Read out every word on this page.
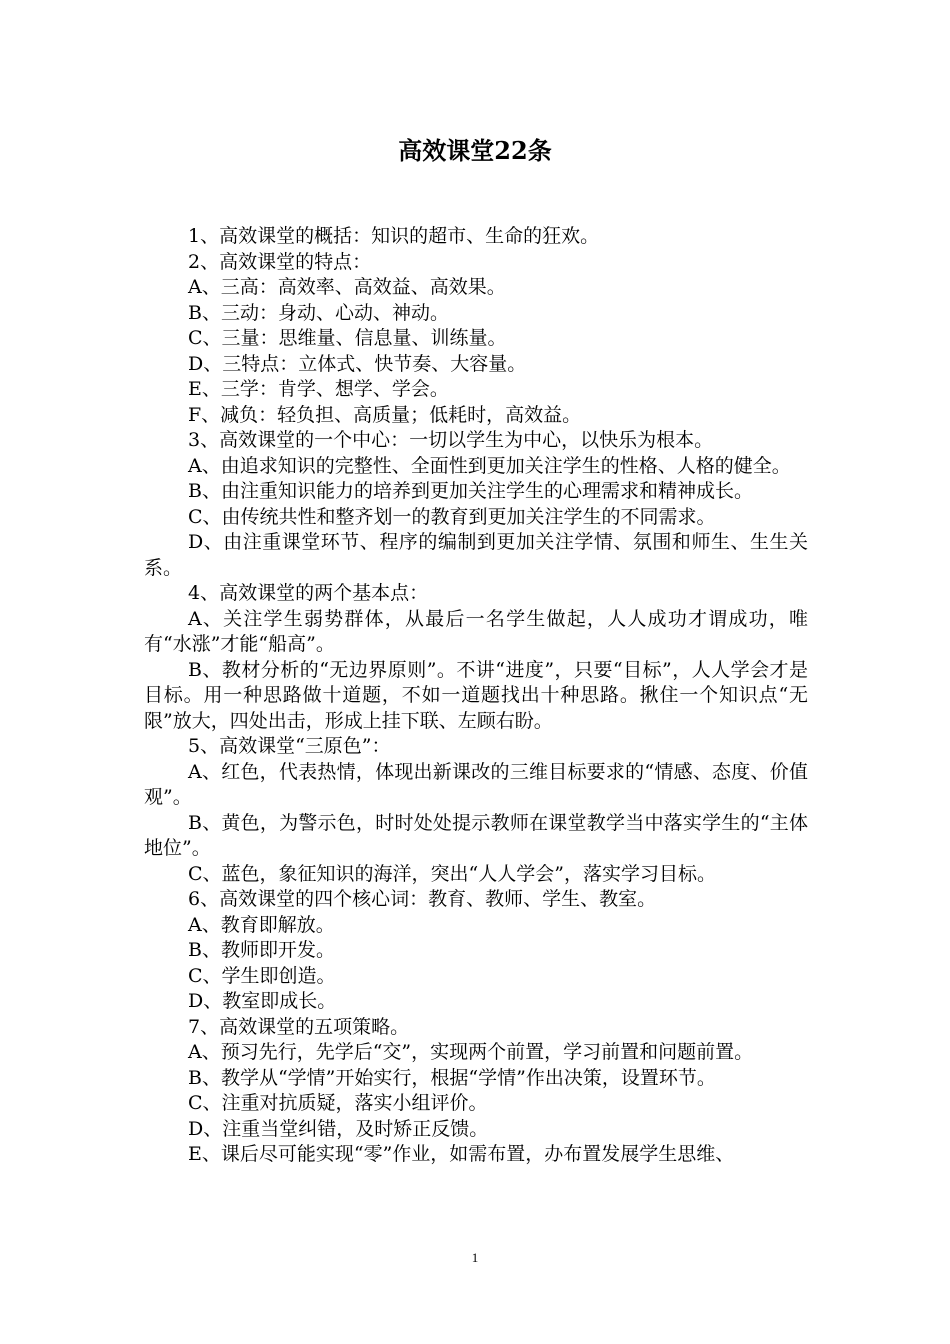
高效课堂22条

1、高效课堂的概括：知识的超市、生命的狂欢。

2、高效课堂的特点：

A、三高：高效率、高效益、高效果。

B、三动：身动、心动、神动。

C、三量：思维量、信息量、训练量。

D、三特点：立体式、快节奏、大容量。

E、三学：肯学、想学、学会。

F、减负：轻负担、高质量；低耗时，高效益。

3、高效课堂的一个中心：一切以学生为中心，以快乐为根本。

A、由追求知识的完整性、全面性到更加关注学生的性格、人格的健全。

B、由注重知识能力的培养到更加关注学生的心理需求和精神成长。

C、由传统共性和整齐划一的教育到更加关注学生的不同需求。

D、由注重课堂环节、程序的编制到更加关注学情、氛围和师生、生生关系。

4、高效课堂的两个基本点：

A、关注学生弱势群体，从最后一名学生做起，人人成功才谓成功，唯有“水涨”才能“船高”。

B、教材分析的“无边界原则”。不讲“进度”，只要“目标”，人人学会才是目标。用一种思路做十道题，不如一道题找出十种思路。揪住一个知识点“无限”放大，四处出击，形成上挂下联、左顾右盼。

5、高效课堂“三原色”：

A、红色，代表热情，体现出新课改的三维目标要求的“情感、态度、价值观”。

B、黄色，为警示色，时时处处提示教师在课堂教学当中落实学生的“主体地位”。

C、蓝色，象征知识的海洋，突出“人人学会”，落实学习目标。

6、高效课堂的四个核心词：教育、教师、学生、教室。

A、教育即解放。

B、教师即开发。

C、学生即创造。

D、教室即成长。

7、高效课堂的五项策略。

A、预习先行，先学后“交”，实现两个前置，学习前置和问题前置。

B、教学从“学情”开始实行，根据“学情”作出决策，设置环节。

C、注重对抗质疑，落实小组评价。

D、注重当堂纠错，及时矫正反馈。

E、课后尽可能实现“零”作业，如需布置，办布置发展学生思维、

1
